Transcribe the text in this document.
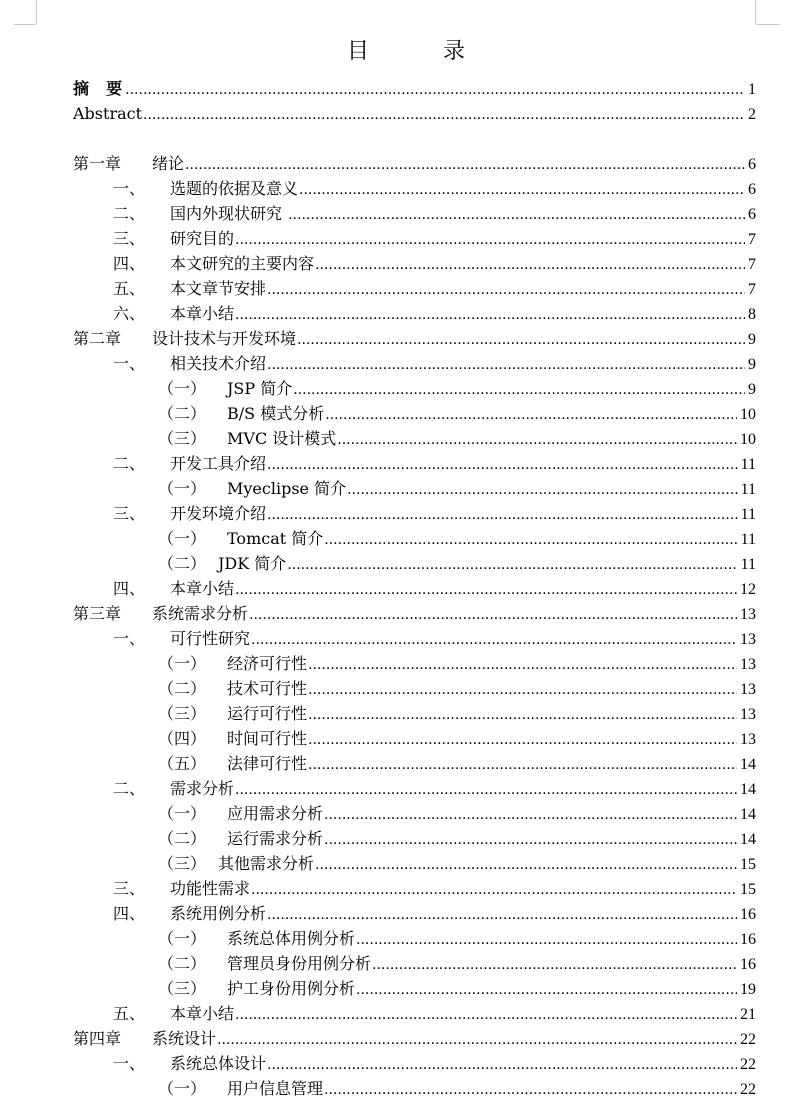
目　录
摘  要 .....	1
Abstract .....	2
第一章	绪论 .....	6
一、	选题的依据及意义 .....	6
二、	国内外现状研究 .....	6
三、	研究目的 .....	7
四、	本文研究的主要内容 .....	7
五、	本文章节安排 .....	7
六、	本章小结 .....	8
第二章	设计技术与开发环境 .....	9
一、	相关技术介绍 .....	9
（一）	JSP 简介 .....	9
（二）	B/S 模式分析 .....	10
（三）	MVC 设计模式 .....	10
二、	开发工具介绍 .....	11
（一）	Myeclipse 简介 .....	11
三、	开发环境介绍 .....	11
（一）	Tomcat 简介 .....	11
（二） JDK 简介 .....	11
四、	本章小结 .....	12
第三章	系统需求分析 .....	13
一、	可行性研究 .....	13
（一）	经济可行性 .....	13
（二）	技术可行性 .....	13
（三）	运行可行性 .....	13
（四）	时间可行性 .....	13
（五）	法律可行性 .....	14
二、	需求分析 .....	14
（一）	应用需求分析 .....	14
（二）	运行需求分析 .....	14
（三） 其他需求分析 .....	15
三、	功能性需求 .....	15
四、	系统用例分析 .....	16
（一）	系统总体用例分析 .....	16
（二）	管理员身份用例分析 .....	16
（三）	护工身份用例分析 .....	19
五、	本章小结 .....	21
第四章	系统设计 .....	22
一、	系统总体设计 .....	22
（一）	用户信息管理 .....	22
